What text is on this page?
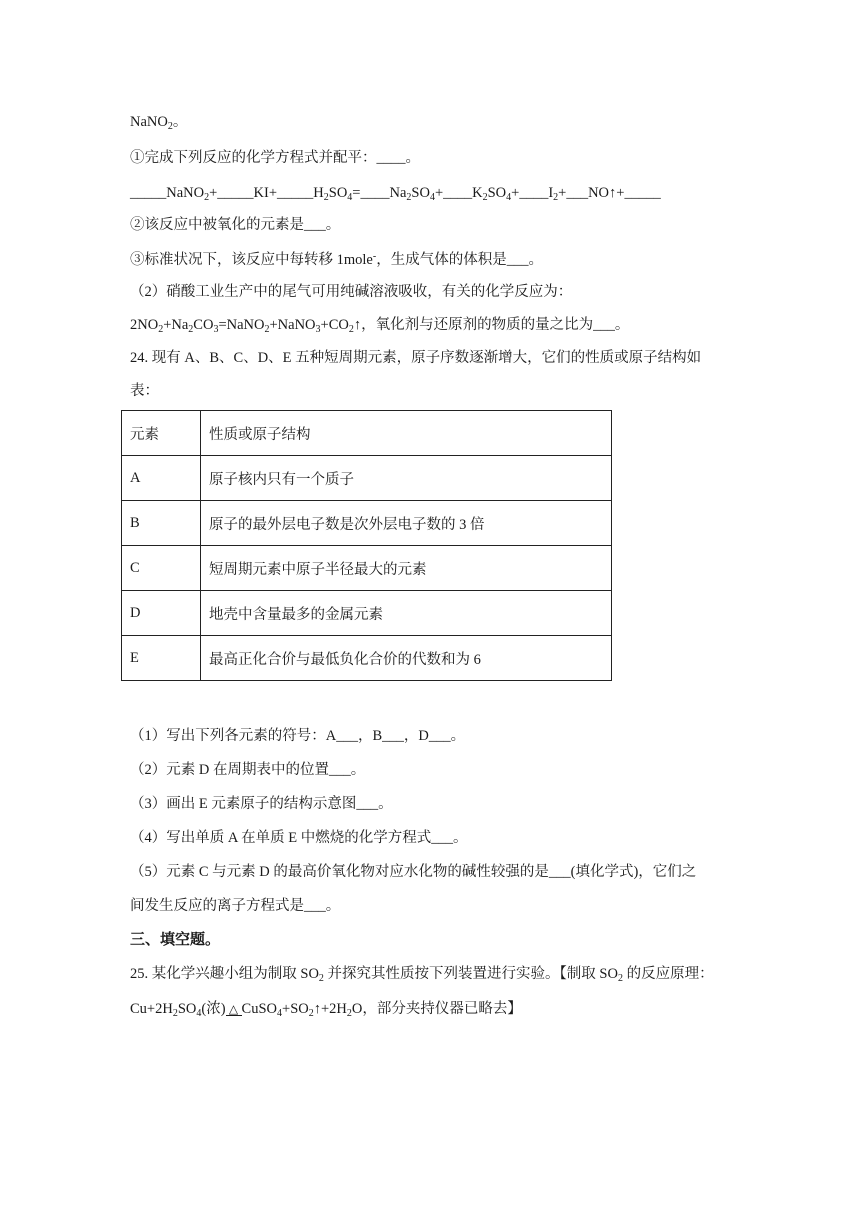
NaNO$_2$。
①完成下列反应的化学方程式并配平：____。
$\_\_\_\_\_NaNO_2+\_\_\_\_\_KI+\_\_\_\_\_H_2SO_4=\_\_\_\_Na_2SO_4+\_\_\_\_K_2SO_4+\_\_\_\_I_2+\_\_\_NO↑+\_\_\_\_\_$
②该反应中被氧化的元素是___。
③标准状况下，该反应中每转移 1mole-，生成气体的体积是___。
（2）硝酸工业生产中的尾气可用纯碱溶液吸收，有关的化学反应为：
$2NO_2+Na_2CO_3=NaNO_2+NaNO_3+CO_2↑$，氧化剂与还原剂的物质的量之比为___。
24. 现有 A、B、C、D、E 五种短周期元素，原子序数逐渐增大，它们的性质或原子结构如
表：
元素	性质或原子结构
A	原子核内只有一个质子
B	原子的最外层电子数是次外层电子数的 3 倍
C	短周期元素中原子半径最大的元素
D	地壳中含量最多的金属元素
E	最高正化合价与最低负化合价的代数和为 6
（1）写出下列各元素的符号：A___，B___，D___。
（2）元素 D 在周期表中的位置___。
（3）画出 E 元素原子的结构示意图___。
（4）写出单质 A 在单质 E 中燃烧的化学方程式___。
（5）元素 C 与元素 D 的最高价氧化物对应水化物的碱性较强的是___(填化学式)，它们之
间发生反应的离子方程式是___。
三、填空题。
25. 某化学兴趣小组为制取 $SO_2$ 并探究其性质按下列装置进行实验。【制取 $SO_2$ 的反应原理：
$Cu+2H_2SO_4$(浓) △ $CuSO_4+SO_2↑+2H_2O$，部分夹持仪器已略去】
